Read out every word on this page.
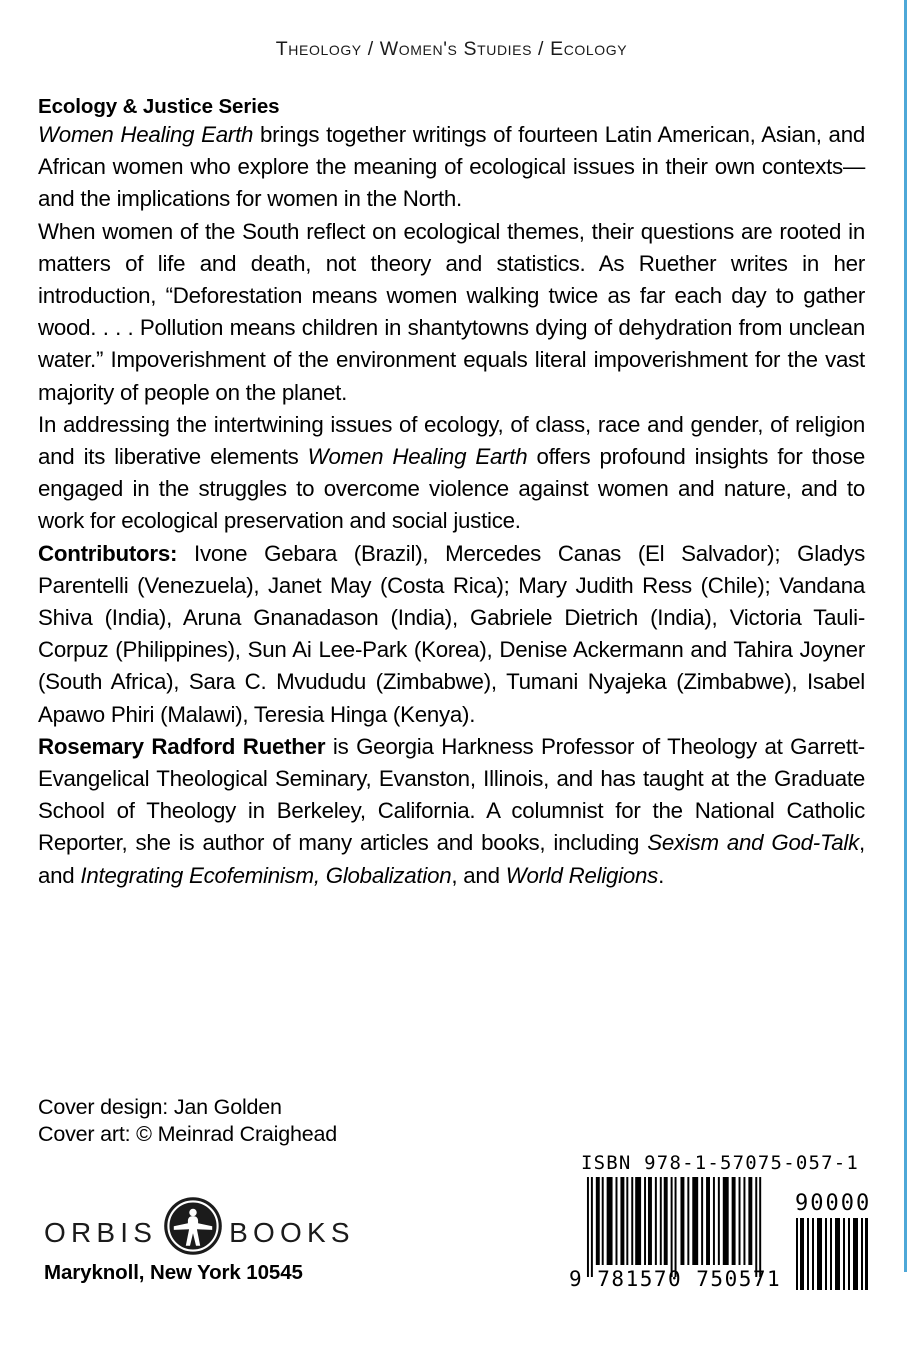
Theology / Women's Studies / Ecology
Ecology & Justice Series

Women Healing Earth brings together writings of fourteen Latin American, Asian, and African women who explore the meaning of ecological issues in their own contexts—and the implications for women in the North.

When women of the South reflect on ecological themes, their questions are rooted in matters of life and death, not theory and statistics. As Ruether writes in her introduction, “Deforestation means women walking twice as far each day to gather wood. . . . Pollution means children in shantytowns dying of dehydration from unclean water.” Impoverishment of the environment equals literal impoverishment for the vast majority of people on the planet.

In addressing the intertwining issues of ecology, of class, race and gender, of religion and its liberative elements Women Healing Earth offers profound insights for those engaged in the struggles to overcome violence against women and nature, and to work for ecological preservation and social justice.

Contributors: Ivone Gebara (Brazil), Mercedes Canas (El Salvador); Gladys Parentelli (Venezuela), Janet May (Costa Rica); Mary Judith Ress (Chile); Vandana Shiva (India), Aruna Gnanadason (India), Gabriele Dietrich (India), Victoria Tauli-Corpuz (Philippines), Sun Ai Lee-Park (Korea), Denise Ackermann and Tahira Joyner (South Africa), Sara C. Mvududu (Zimbabwe), Tumani Nyajeka (Zimbabwe), Isabel Apawo Phiri (Malawi), Teresia Hinga (Kenya).

Rosemary Radford Ruether is Georgia Harkness Professor of Theology at Garrett-Evangelical Theological Seminary, Evanston, Illinois, and has taught at the Graduate School of Theology in Berkeley, California. A columnist for the National Catholic Reporter, she is author of many articles and books, including Sexism and God-Talk, and Integrating Ecofeminism, Globalization, and World Religions.

Cover design: Jan Golden
Cover art: © Meinrad Craighead
ORBIS	BOOKS
Maryknoll, New York 10545
ISBN 978-1-57075-057-1
90000
9 781570 750571
